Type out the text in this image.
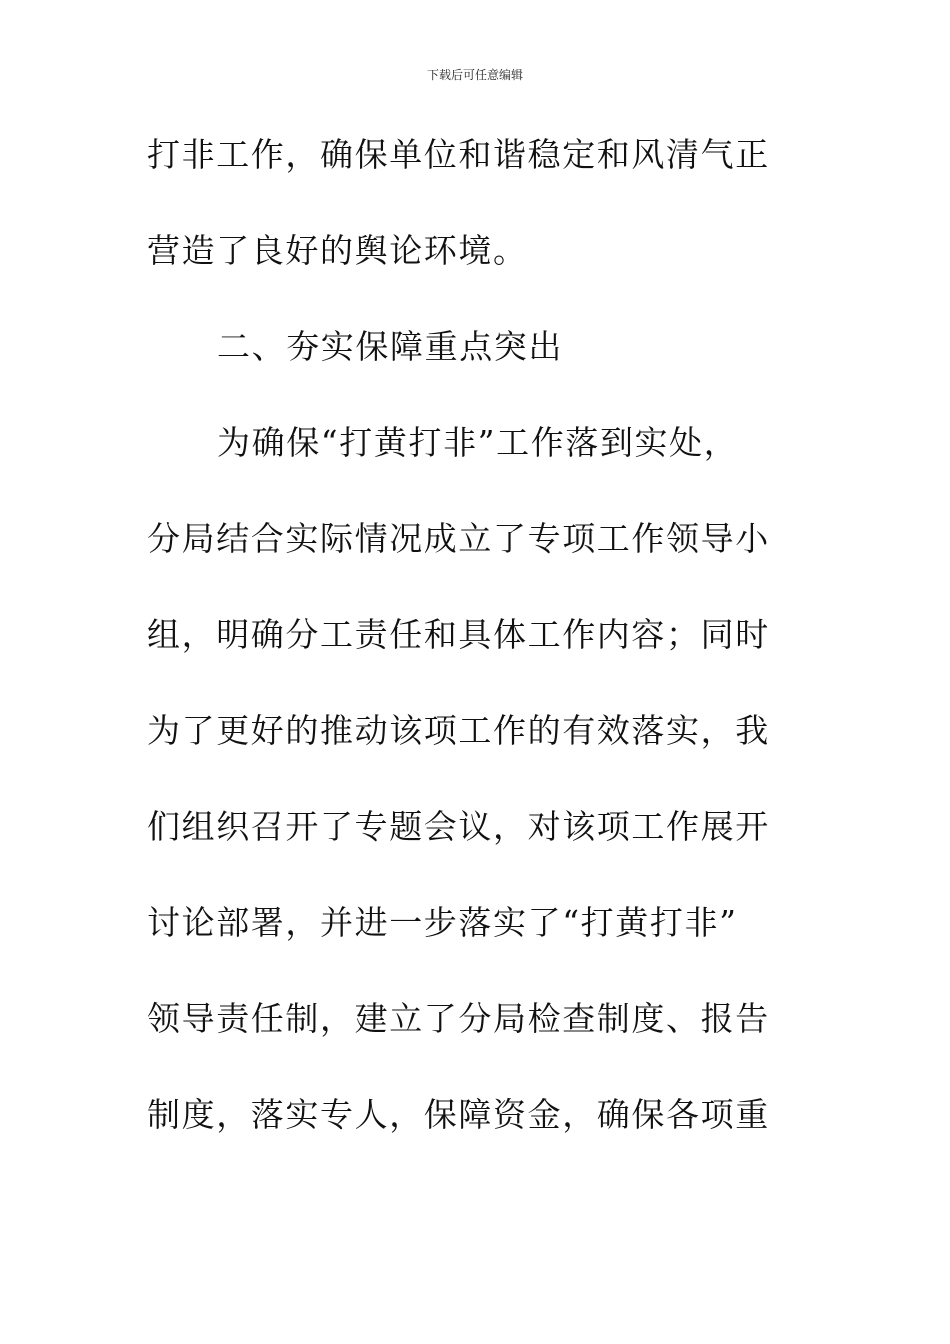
下载后可任意编辑
打非工作，确保单位和谐稳定和风清气正
营造了良好的舆论环境。
二、夯实保障重点突出
为确保“打黄打非”工作落到实处，
分局结合实际情况成立了专项工作领导小
组，明确分工责任和具体工作内容；同时
为了更好的推动该项工作的有效落实，我
们组织召开了专题会议，对该项工作展开
讨论部署，并进一步落实了“打黄打非”
领导责任制，建立了分局检查制度、报告
制度，落实专人，保障资金，确保各项重
